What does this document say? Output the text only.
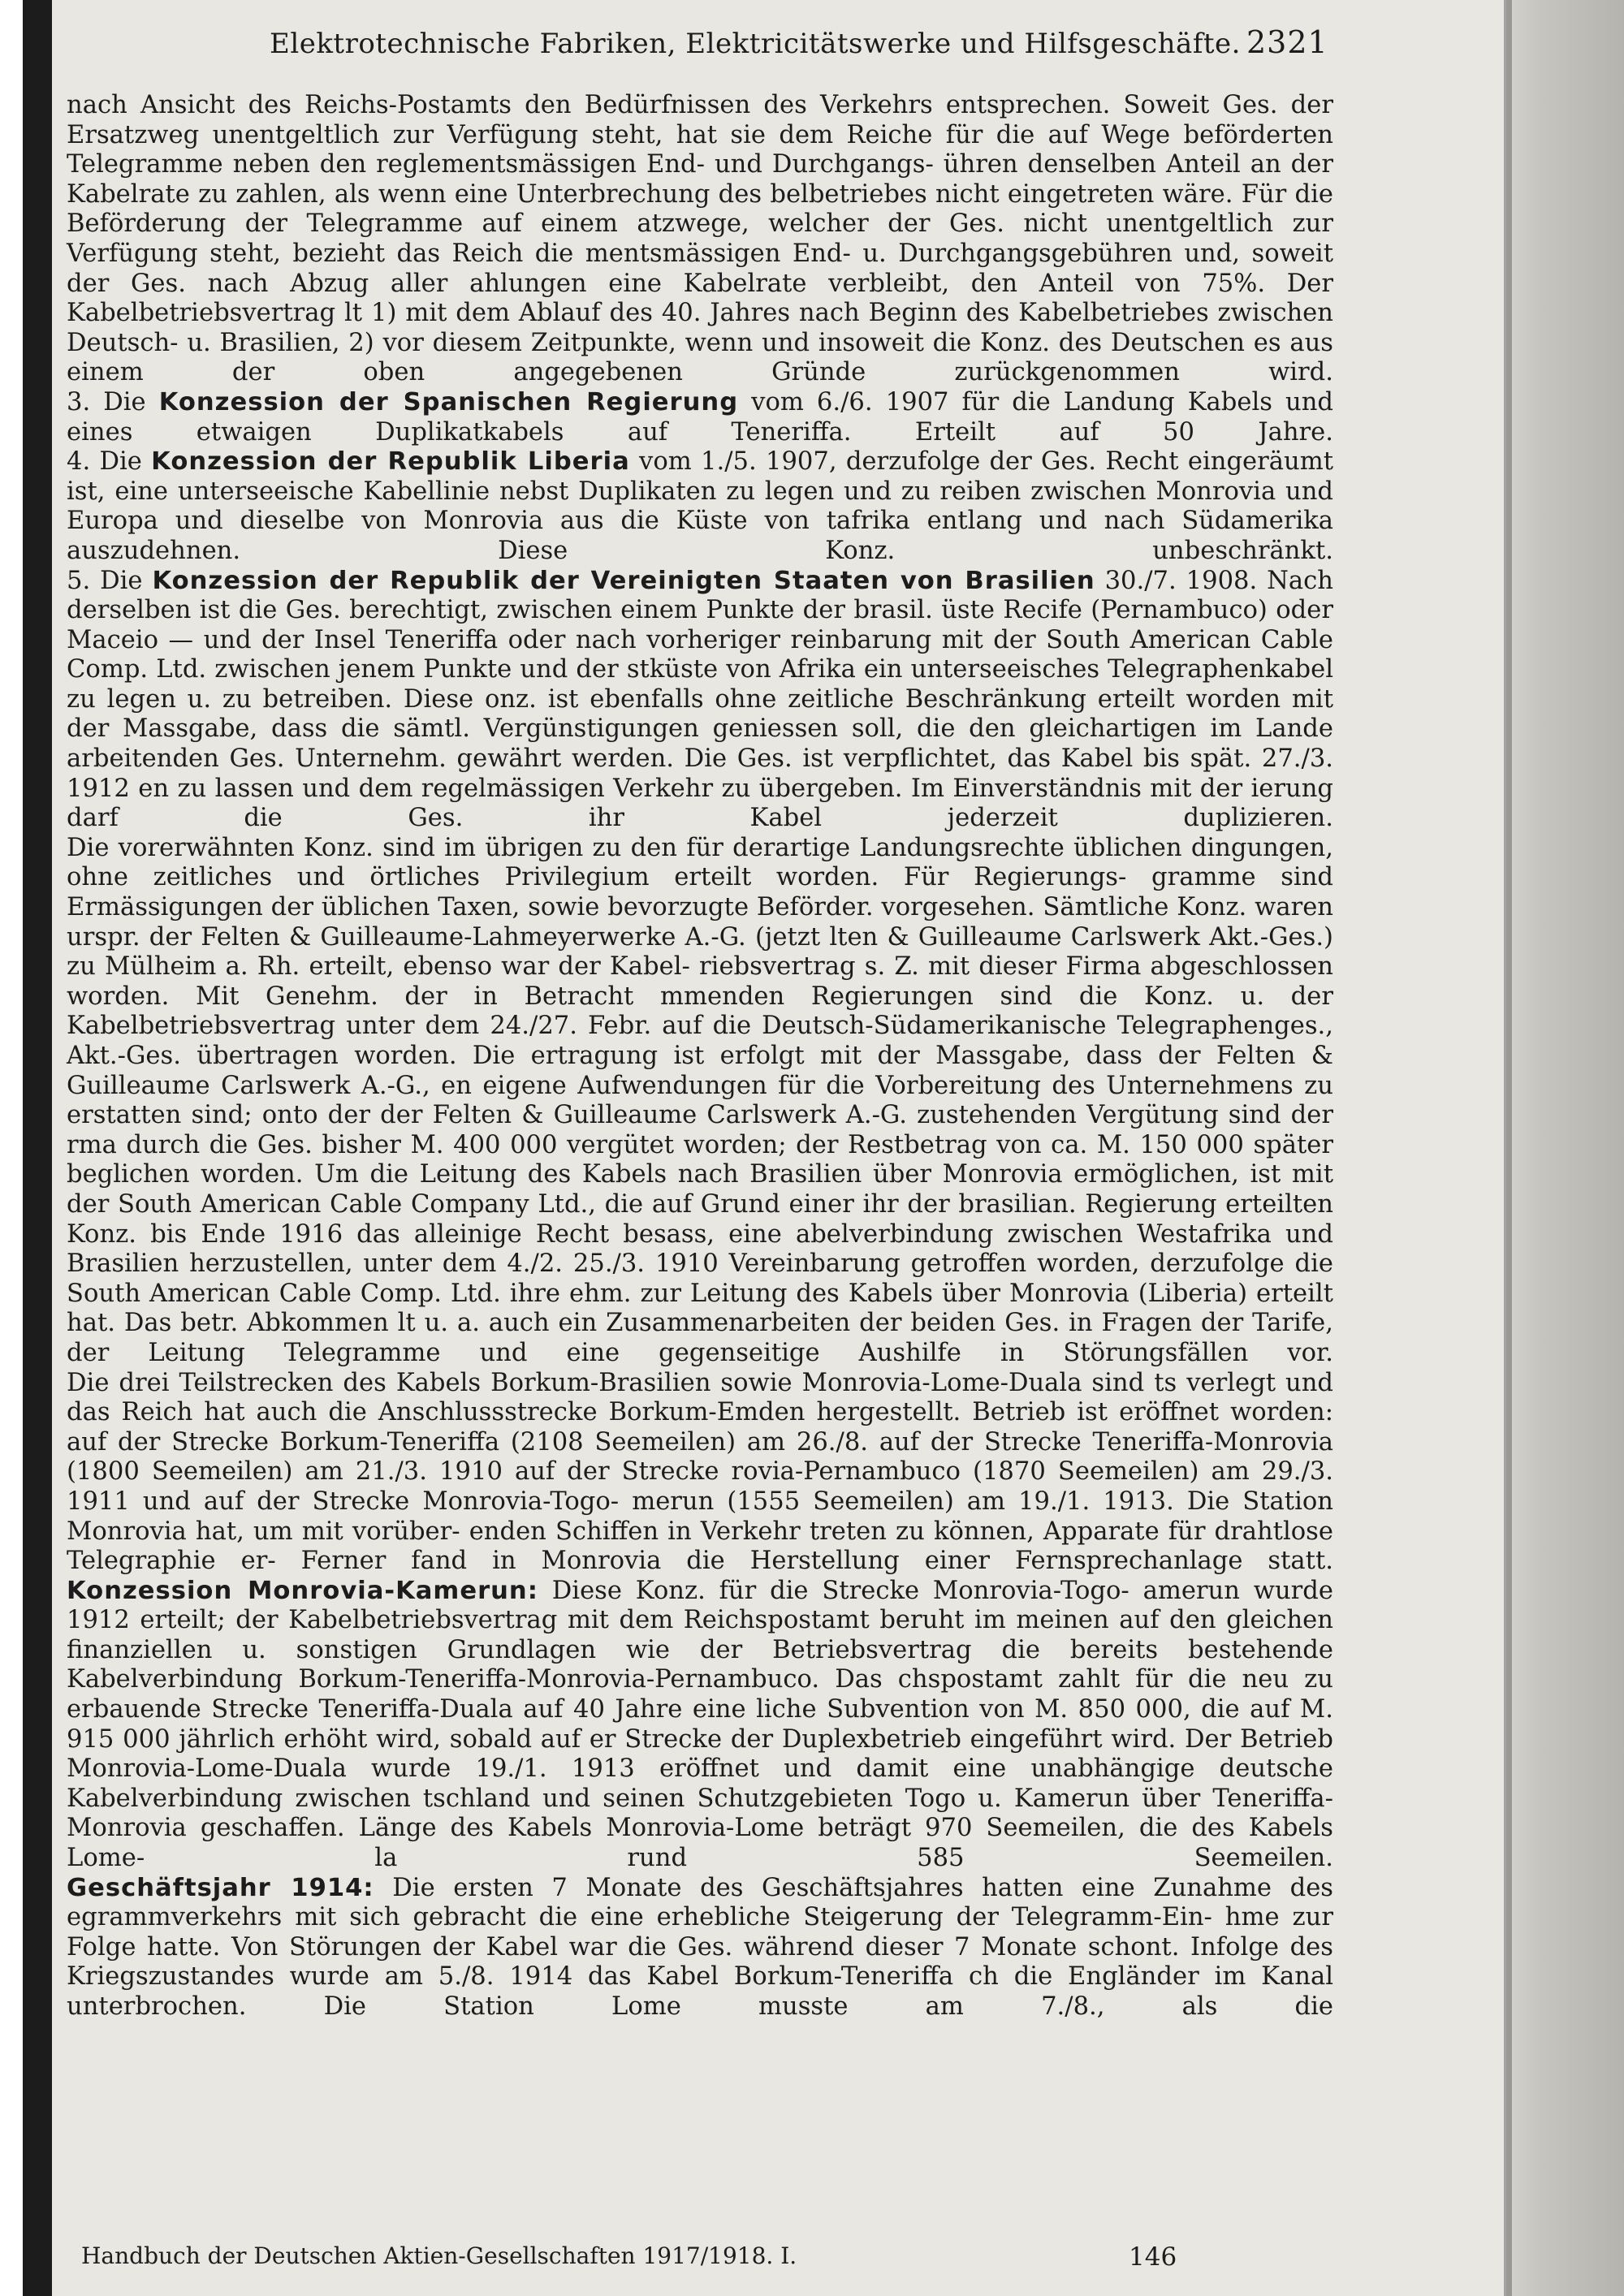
Elektrotechnische Fabriken, Elektricitätswerke und Hilfsgeschäfte. 2321

nach Ansicht des Reichs-Postamts den Bedürfnissen des Verkehrs entsprechen. Soweit Ges. der Ersatzweg unentgeltlich zur Verfügung steht, hat sie dem Reiche für die auf Wege beförderten Telegramme neben den reglementsmässigen End- und Durchgangs- ühren denselben Anteil an der Kabelrate zu zahlen, als wenn eine Unterbrechung des belbetriebes nicht eingetreten wäre. Für die Beförderung der Telegramme auf einem atzwege, welcher der Ges. nicht unentgeltlich zur Verfügung steht, bezieht das Reich die mentsmässigen End- u. Durchgangsgebühren und, soweit der Ges. nach Abzug aller ahlungen eine Kabelrate verbleibt, den Anteil von 75%. Der Kabelbetriebsvertrag lt 1) mit dem Ablauf des 40. Jahres nach Beginn des Kabelbetriebes zwischen Deutsch- u. Brasilien, 2) vor diesem Zeitpunkte, wenn und insoweit die Konz. des Deutschen es aus einem der oben angegebenen Gründe zurückgenommen wird.

3. Die Konzession der Spanischen Regierung vom 6./6. 1907 für die Landung Kabels und eines etwaigen Duplikatkabels auf Teneriffa. Erteilt auf 50 Jahre.

4. Die Konzession der Republik Liberia vom 1./5. 1907, derzufolge der Ges. Recht eingeräumt ist, eine unterseeische Kabellinie nebst Duplikaten zu legen und zu reiben zwischen Monrovia und Europa und dieselbe von Monrovia aus die Küste von tafrika entlang und nach Südamerika auszudehnen. Diese Konz. unbeschränkt.

5. Die Konzession der Republik der Vereinigten Staaten von Brasilien 30./7. 1908. Nach derselben ist die Ges. berechtigt, zwischen einem Punkte der brasil. üste Recife (Pernambuco) oder Maceio — und der Insel Teneriffa oder nach vorheriger reinbarung mit der South American Cable Comp. Ltd. zwischen jenem Punkte und der stküste von Afrika ein unterseeisches Telegraphenkabel zu legen u. zu betreiben. Diese onz. ist ebenfalls ohne zeitliche Beschränkung erteilt worden mit der Massgabe, dass die sämtl. Vergünstigungen geniessen soll, die den gleichartigen im Lande arbeitenden Ges. Unternehm. gewährt werden. Die Ges. ist verpflichtet, das Kabel bis spät. 27./3. 1912 en zu lassen und dem regelmässigen Verkehr zu übergeben. Im Einverständnis mit der ierung darf die Ges. ihr Kabel jederzeit duplizieren.

Die vorerwähnten Konz. sind im übrigen zu den für derartige Landungsrechte üblichen dingungen, ohne zeitliches und örtliches Privilegium erteilt worden. Für Regierungs- gramme sind Ermässigungen der üblichen Taxen, sowie bevorzugte Beförder. vorgesehen. Sämtliche Konz. waren urspr. der Felten & Guilleaume-Lahmeyerwerke A.-G. (jetzt lten & Guilleaume Carlswerk Akt.-Ges.) zu Mülheim a. Rh. erteilt, ebenso war der Kabel- riebsvertrag s. Z. mit dieser Firma abgeschlossen worden. Mit Genehm. der in Betracht mmenden Regierungen sind die Konz. u. der Kabelbetriebsvertrag unter dem 24./27. Febr. auf die Deutsch-Südamerikanische Telegraphenges., Akt.-Ges. übertragen worden. Die ertragung ist erfolgt mit der Massgabe, dass der Felten & Guilleaume Carlswerk A.-G., en eigene Aufwendungen für die Vorbereitung des Unternehmens zu erstatten sind; onto der der Felten & Guilleaume Carlswerk A.-G. zustehenden Vergütung sind der rma durch die Ges. bisher M. 400 000 vergütet worden; der Restbetrag von ca. M. 150 000 später beglichen worden. Um die Leitung des Kabels nach Brasilien über Monrovia ermöglichen, ist mit der South American Cable Company Ltd., die auf Grund einer ihr der brasilian. Regierung erteilten Konz. bis Ende 1916 das alleinige Recht besass, eine abelverbindung zwischen Westafrika und Brasilien herzustellen, unter dem 4./2. 25./3. 1910 Vereinbarung getroffen worden, derzufolge die South American Cable Comp. Ltd. ihre ehm. zur Leitung des Kabels über Monrovia (Liberia) erteilt hat. Das betr. Abkommen lt u. a. auch ein Zusammenarbeiten der beiden Ges. in Fragen der Tarife, der Leitung Telegramme und eine gegenseitige Aushilfe in Störungsfällen vor.

Die drei Teilstrecken des Kabels Borkum-Brasilien sowie Monrovia-Lome-Duala sind ts verlegt und das Reich hat auch die Anschlussstrecke Borkum-Emden hergestellt. Betrieb ist eröffnet worden: auf der Strecke Borkum-Teneriffa (2108 Seemeilen) am 26./8. auf der Strecke Teneriffa-Monrovia (1800 Seemeilen) am 21./3. 1910 auf der Strecke rovia-Pernambuco (1870 Seemeilen) am 29./3. 1911 und auf der Strecke Monrovia-Togo- merun (1555 Seemeilen) am 19./1. 1913. Die Station Monrovia hat, um mit vorüber- enden Schiffen in Verkehr treten zu können, Apparate für drahtlose Telegraphie er- Ferner fand in Monrovia die Herstellung einer Fernsprechanlage statt.

Konzession Monrovia-Kamerun: Diese Konz. für die Strecke Monrovia-Togo- amerun wurde 1912 erteilt; der Kabelbetriebsvertrag mit dem Reichspostamt beruht im meinen auf den gleichen finanziellen u. sonstigen Grundlagen wie der Betriebsvertrag die bereits bestehende Kabelverbindung Borkum-Teneriffa-Monrovia-Pernambuco. Das chspostamt zahlt für die neu zu erbauende Strecke Teneriffa-Duala auf 40 Jahre eine liche Subvention von M. 850 000, die auf M. 915 000 jährlich erhöht wird, sobald auf er Strecke der Duplexbetrieb eingeführt wird. Der Betrieb Monrovia-Lome-Duala wurde 19./1. 1913 eröffnet und damit eine unabhängige deutsche Kabelverbindung zwischen tschland und seinen Schutzgebieten Togo u. Kamerun über Teneriffa-Monrovia geschaffen. Länge des Kabels Monrovia-Lome beträgt 970 Seemeilen, die des Kabels Lome-	la rund 585 Seemeilen.

Geschäftsjahr 1914: Die ersten 7 Monate des Geschäftsjahres hatten eine Zunahme des egrammverkehrs mit sich gebracht die eine erhebliche Steigerung der Telegramm-Ein- hme zur Folge hatte. Von Störungen der Kabel war die Ges. während dieser 7 Monate schont. Infolge des Kriegszustandes wurde am 5./8. 1914 das Kabel Borkum-Teneriffa ch die Engländer im Kanal unterbrochen. Die Station Lome musste am 7./8., als die

Handbuch der Deutschen Aktien-Gesellschaften 1917/1918. I.	146
